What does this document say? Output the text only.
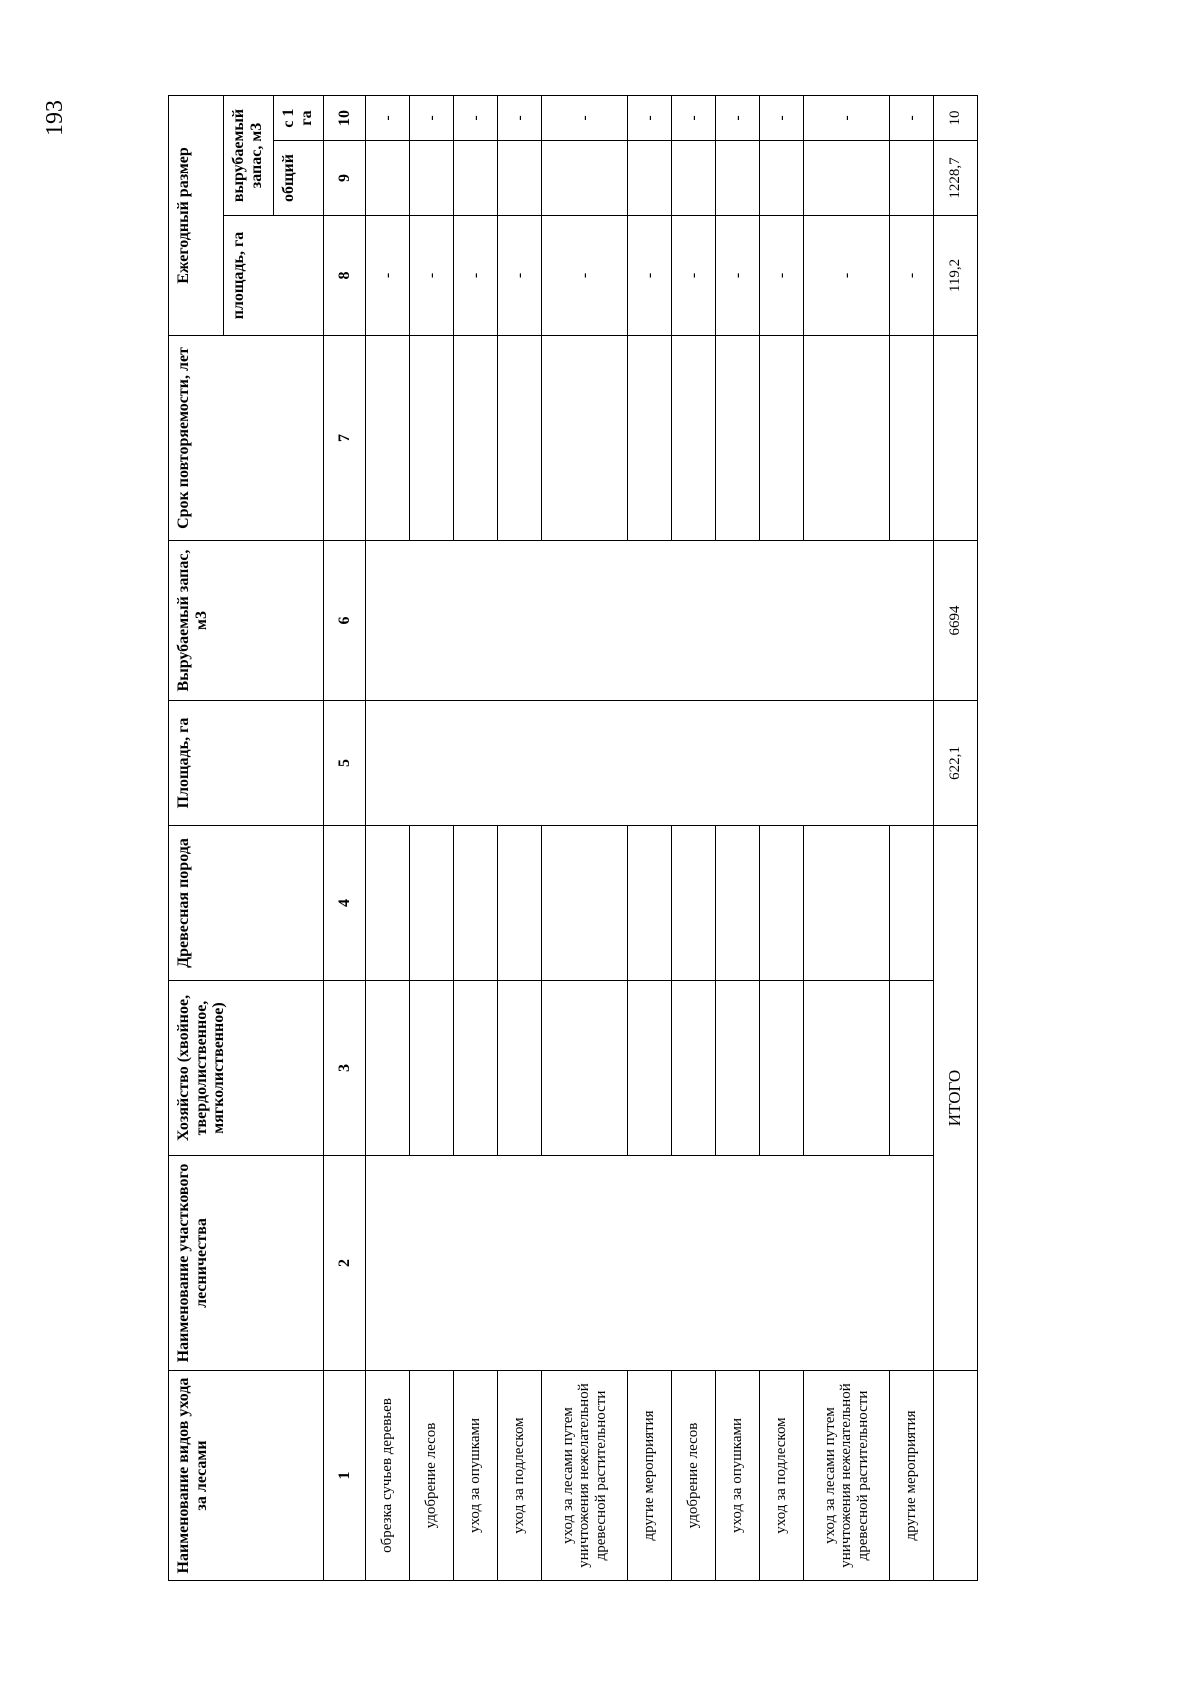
193
Наименование видов ухода за лесами	Наименование участкового лесничества	Хозяйство (хвойное, твердолиственное, мягколиственное)	Древесная порода	Площадь, га	Вырубаемый запас, м3	Срок повторяемости, лет	Ежегодный размер		
							площадь, га	вырубаемый запас, м3	
								общий	с 1 га
1	2	3	4	5	6	7	8	9	10
обрезка сучьев деревьев							-		-
удобрение лесов							-		-
уход за опушками							-		-
уход за подлеском							-		-
уход за лесами путем уничтожения нежелательной древесной растительности							-		-
другие мероприятия							-		-
удобрение лесов							-		-
уход за опушками							-		-
уход за подлеском							-		-
уход за лесами путем уничтожения нежелательной древесной растительности							-		-
другие мероприятия							-		-
	ИТОГО			622,1	6694		119,2	1228,7	10
